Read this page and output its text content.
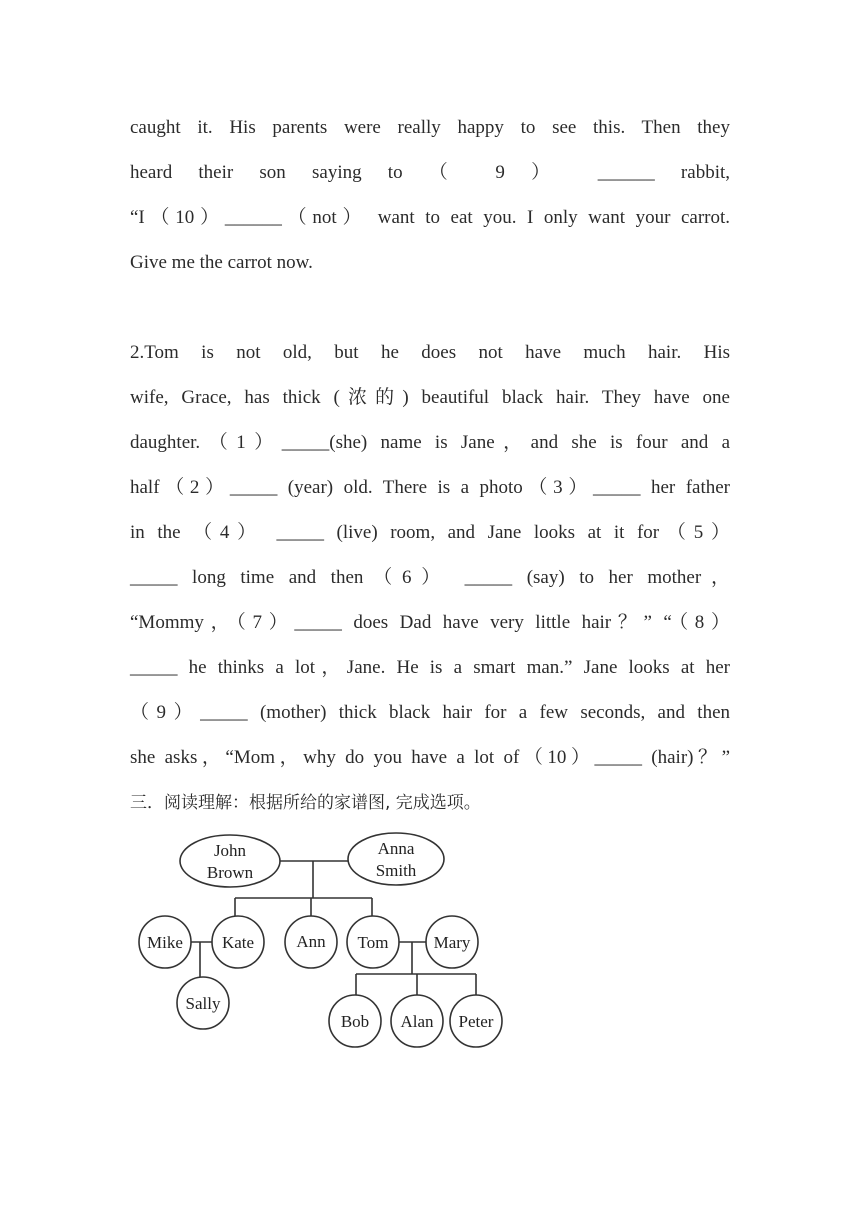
caught it. His parents were really happy to see this. Then they
heard their son saying to （ 9 ） ______ rabbit,
“I（10）______（not） want to eat you. I only want your carrot.
Give me the carrot now.
2.Tom is not old, but he does not have much hair. His
wife, Grace, has thick (浓的) beautiful black hair. They have one
daughter.（1）_____(she) name is Jane，and she is four and a
half（2）_____ (year) old. There is a photo（3）_____ her father
in the （4） _____ (live) room, and Jane looks at it for（5）
_____ long time and then（6） _____ (say) to her mother，
“Mommy，（7）_____ does Dad have very little hair？” “（8）
_____ he thinks a lot，Jane. He is a smart man.” Jane looks at her
（9）_____ (mother) thick black hair for a few seconds, and then
she asks，“Mom，why do you have a lot of（10）_____ (hair)？”
三．阅读理解：根据所给的家谱图, 完成选项。
John
Brown
Anna
Smith
Mike Kate Ann Tom	Mary
Sally
Bob Alan Peter
